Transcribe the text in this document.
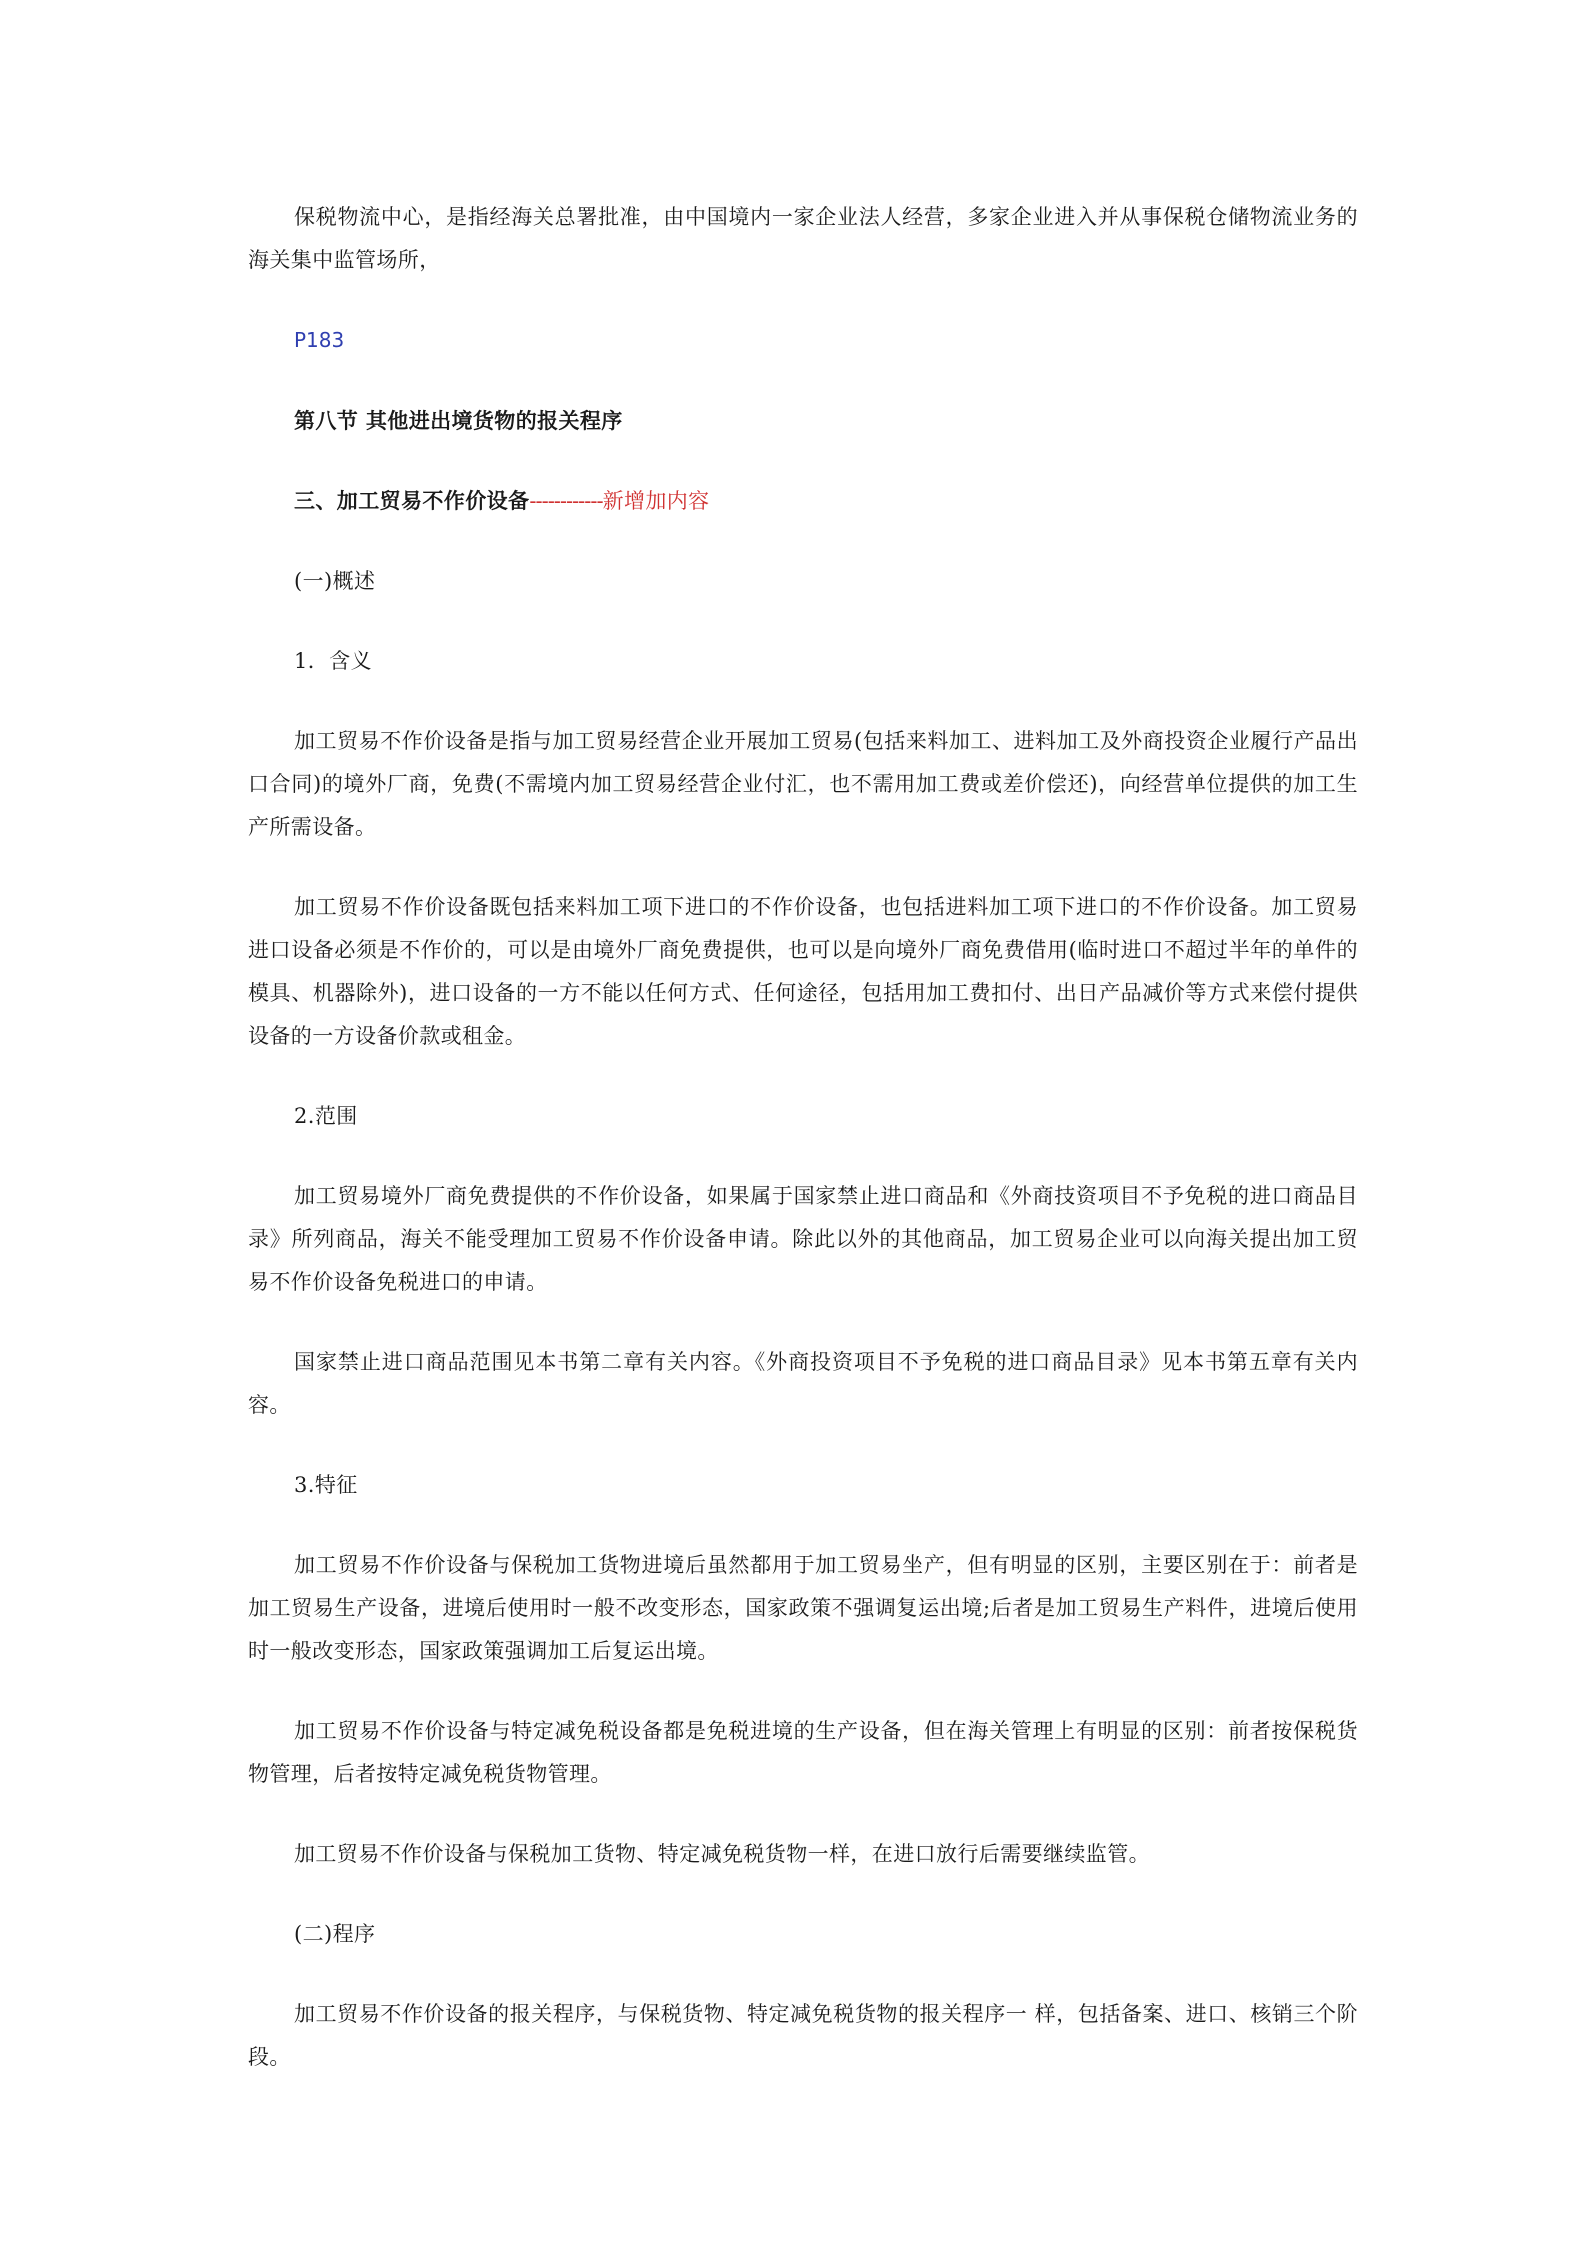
保税物流中心，是指经海关总署批准，由中国境内一家企业法人经营，多家企业进入并从事保税仓储物流业务的海关集中监管场所，

P183

第八节 其他进出境货物的报关程序

三、加工贸易不作价设备------------新增加内容

(一)概述

1．含义

加工贸易不作价设备是指与加工贸易经营企业开展加工贸易(包括来料加工、进料加工及外商投资企业履行产品出口合同)的境外厂商，免费(不需境内加工贸易经营企业付汇，也不需用加工费或差价偿还)，向经营单位提供的加工生产所需设备。

加工贸易不作价设备既包括来料加工项下进口的不作价设备，也包括进料加工项下进口的不作价设备。加工贸易进口设备必须是不作价的，可以是由境外厂商免费提供，也可以是向境外厂商免费借用(临时进口不超过半年的单件的模具、机器除外)，进口设备的一方不能以任何方式、任何途径，包括用加工费扣付、出日产品减价等方式来偿付提供设备的一方设备价款或租金。

2.范围

加工贸易境外厂商免费提供的不作价设备，如果属于国家禁止进口商品和《外商技资项目不予免税的进口商品目录》所列商品，海关不能受理加工贸易不作价设备申请。除此以外的其他商品，加工贸易企业可以向海关提出加工贸易不作价设备免税进口的申请。

国家禁止进口商品范围见本书第二章有关内容。《外商投资项目不予免税的进口商品目录》见本书第五章有关内容。

3.特征

加工贸易不作价设备与保税加工货物进境后虽然都用于加工贸易坐产，但有明显的区别，主要区别在于：前者是加工贸易生产设备，进境后使用时一般不改变形态，国家政策不强调复运出境;后者是加工贸易生产料件，进境后使用时一般改变形态，国家政策强调加工后复运出境。

加工贸易不作价设备与特定减免税设备都是免税进境的生产设备，但在海关管理上有明显的区别：前者按保税货物管理，后者按特定减免税货物管理。

加工贸易不作价设备与保税加工货物、特定减免税货物一样，在进口放行后需要继续监管。

(二)程序

加工贸易不作价设备的报关程序，与保税货物、特定减免税货物的报关程序一 样，包括备案、进口、核销三个阶段。
